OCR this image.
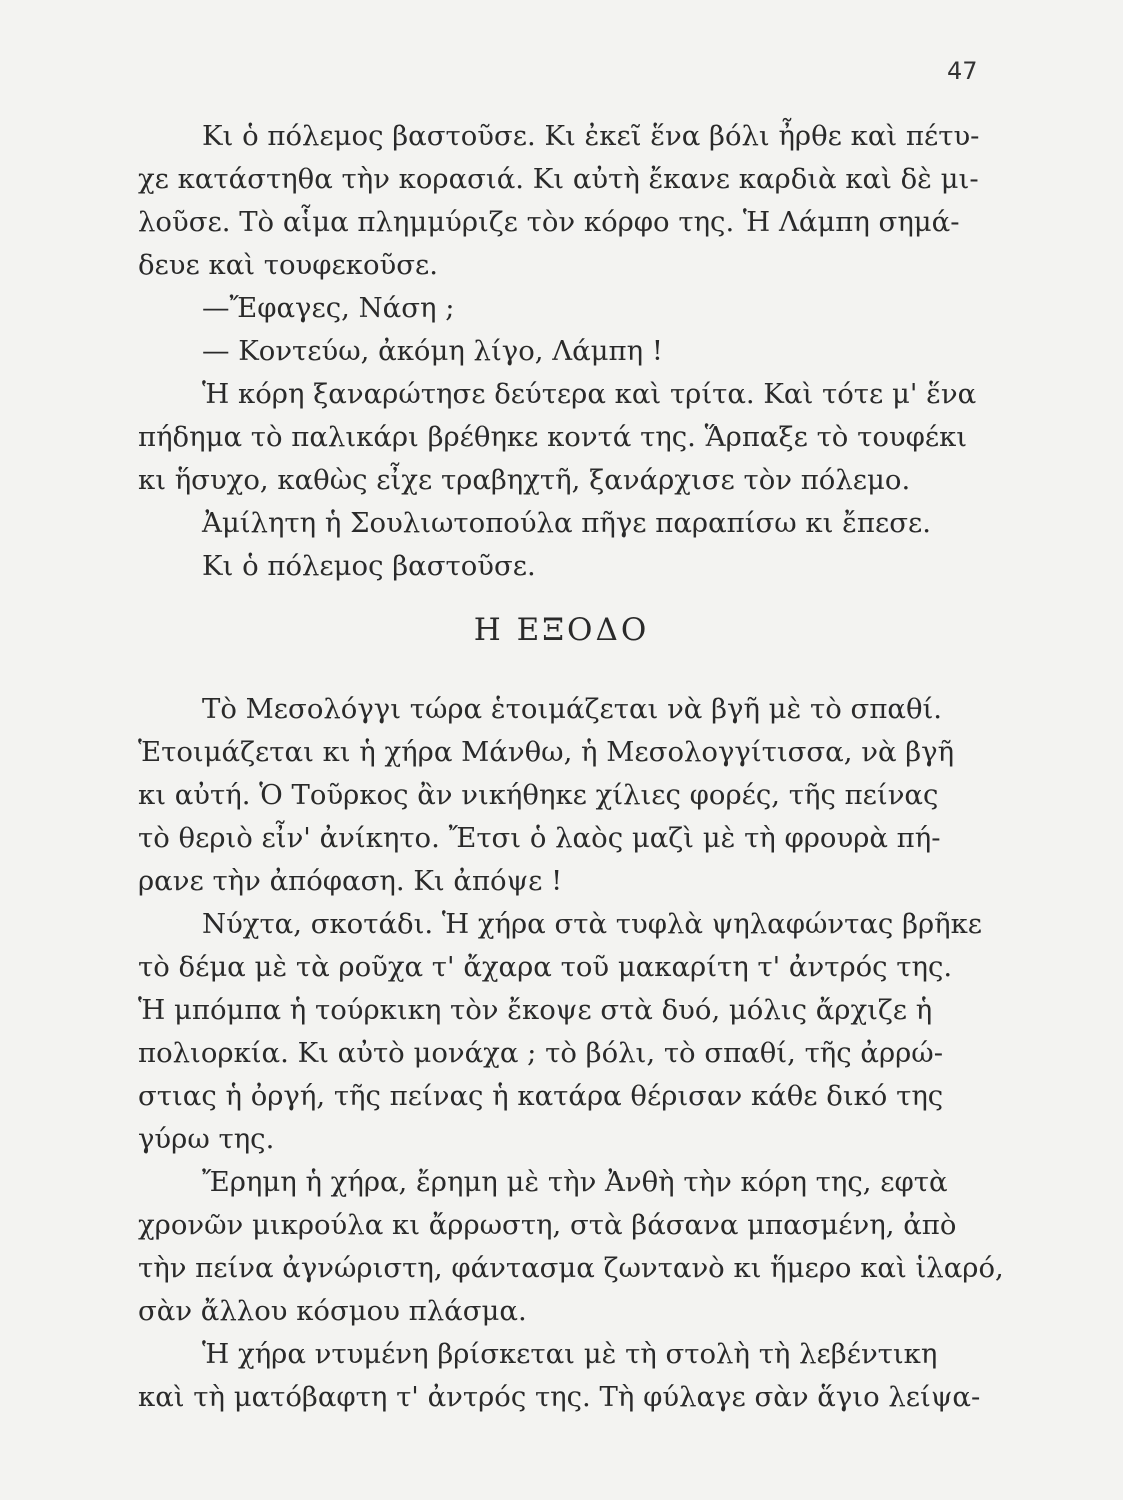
47
Κι ὁ πόλεμος βαστοῦσε. Κι ἐκεῖ ἕνα βόλι ἦρθε καὶ πέτυ-
χε κατάστηθα τὴν κορασιά. Κι αὐτὴ ἔκανε καρδιὰ καὶ δὲ μι-
λοῦσε. Τὸ αἷμα πλημμύριζε τὸν κόρφο της. Ἡ Λάμπη σημά-
δευε καὶ τουφεκοῦσε.
—Ἔφαγες, Νάση ;
— Κοντεύω, ἀκόμη λίγο, Λάμπη !
Ἡ κόρη ξαναρώτησε δεύτερα καὶ τρίτα. Καὶ τότε μ' ἕνα
πήδημα τὸ παλικάρι βρέθηκε κοντά της. Ἅρπαξε τὸ τουφέκι
κι ἥσυχο, καθὼς εἶχε τραβηχτῆ, ξανάρχισε τὸν πόλεμο.
Ἀμίλητη ἡ Σουλιωτοπούλα πῆγε παραπίσω κι ἔπεσε.
Κι ὁ πόλεμος βαστοῦσε.
Η ΕΞΟΔΟ
Τὸ Μεσολόγγι τώρα ἑτοιμάζεται νὰ βγῆ μὲ τὸ σπαθί.
Ἑτοιμάζεται κι ἡ χήρα Μάνθω, ἡ Μεσολογγίτισσα, νὰ βγῆ
κι αὐτή. Ὁ Τοῦρκος ἂν νικήθηκε χίλιες φορές, τῆς πείνας
τὸ θεριὸ εἶν' ἀνίκητο. Ἔτσι ὁ λαὸς μαζὶ μὲ τὴ φρουρὰ πή-
ρανε τὴν ἀπόφαση. Κι ἀπόψε !
Νύχτα, σκοτάδι. Ἡ χήρα στὰ τυφλὰ ψηλαφώντας βρῆκε
τὸ δέμα μὲ τὰ ροῦχα τ' ἄχαρα τοῦ μακαρίτη τ' ἀντρός της.
Ἡ μπόμπα ἡ τούρκικη τὸν ἔκοψε στὰ δυό, μόλις ἄρχιζε ἡ
πολιορκία. Κι αὐτὸ μονάχα ; τὸ βόλι, τὸ σπαθί, τῆς ἀρρώ-
στιας ἡ ὀργή, τῆς πείνας ἡ κατάρα θέρισαν κάθε δικό της
γύρω της.
Ἔρημη ἡ χήρα, ἔρημη μὲ τὴν Ἀνθὴ τὴν κόρη της, εφτὰ
χρονῶν μικρούλα κι ἄρρωστη, στὰ βάσανα μπασμένη, ἀπὸ
τὴν πείνα ἀγνώριστη, φάντασμα ζωντανὸ κι ἥμερο καὶ ἱλαρό,
σὰν ἄλλου κόσμου πλάσμα.
Ἡ χήρα ντυμένη βρίσκεται μὲ τὴ στολὴ τὴ λεβέντικη
καὶ τὴ ματόβαφτη τ' ἀντρός της. Τὴ φύλαγε σὰν ἅγιο λείψα-
